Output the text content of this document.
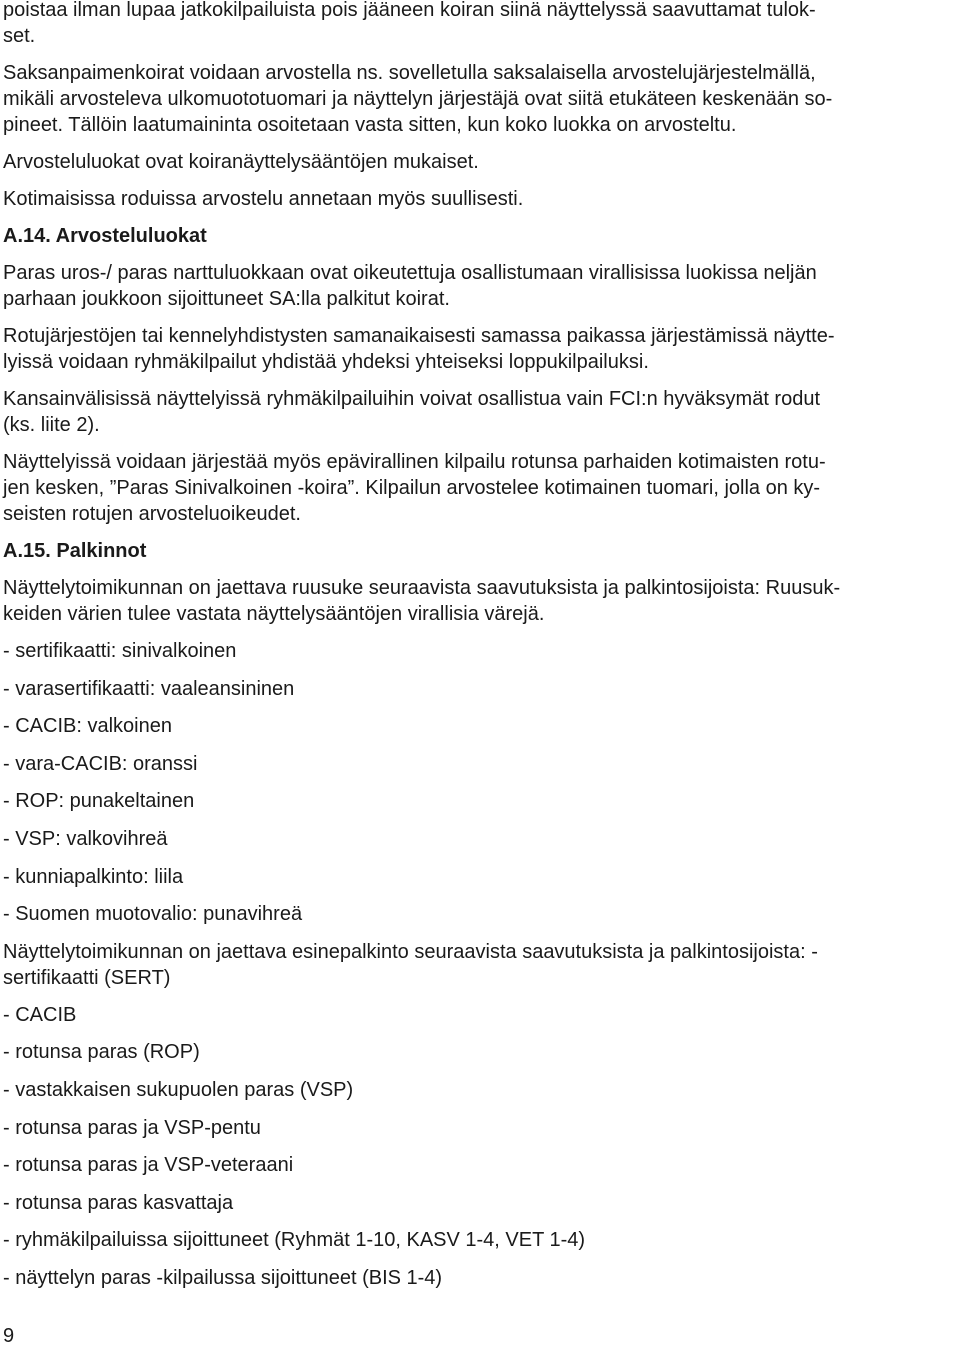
poistaa ilman lupaa jatkokilpailuista pois jääneen koiran siinä näyttelyssä saavuttamat tulok-
set.

Saksanpaimenkoirat voidaan arvostella ns. sovelletulla saksalaisella arvostelujärjestelmällä,
mikäli arvosteleva ulkomuototuomari ja näyttelyn järjestäjä ovat siitä etukäteen keskenään so-
pineet. Tällöin laatumaininta osoitetaan vasta sitten, kun koko luokka on arvosteltu.

Arvosteluluokat ovat koiranäyttelysääntöjen mukaiset.

Kotimaisissa roduissa arvostelu annetaan myös suullisesti.

A.14. Arvosteluluokat

Paras uros-/ paras narttuluokkaan ovat oikeutettuja osallistumaan virallisissa luokissa neljän
parhaan joukkoon sijoittuneet SA:lla palkitut koirat.

Rotujärjestöjen tai kennelyhdistysten samanaikaisesti samassa paikassa järjestämissä näytte-
lyissä voidaan ryhmäkilpailut yhdistää yhdeksi yhteiseksi loppukilpailuksi.

Kansainvälisissä näyttelyissä ryhmäkilpailuihin voivat osallistua vain FCI:n hyväksymät rodut
(ks. liite 2).

Näyttelyissä voidaan järjestää myös epävirallinen kilpailu rotunsa parhaiden kotimaisten rotu-
jen kesken, ”Paras Sinivalkoinen -koira”. Kilpailun arvostelee kotimainen tuomari, jolla on ky-
seisten rotujen arvosteluoikeudet.

A.15. Palkinnot

Näyttelytoimikunnan on jaettava ruusuke seuraavista saavutuksista ja palkintosijoista: Ruusuk-
keiden värien tulee vastata näyttelysääntöjen virallisia värejä.

- sertifikaatti: sinivalkoinen

- varasertifikaatti: vaaleansininen

- CACIB: valkoinen

- vara-CACIB: oranssi

- ROP: punakeltainen

- VSP: valkovihreä

- kunniapalkinto: liila

- Suomen muotovalio: punavihreä

Näyttelytoimikunnan on jaettava esinepalkinto seuraavista saavutuksista ja palkintosijoista: -
sertifikaatti (SERT)

- CACIB

- rotunsa paras (ROP)

- vastakkaisen sukupuolen paras (VSP)

- rotunsa paras ja VSP-pentu

- rotunsa paras ja VSP-veteraani

- rotunsa paras kasvattaja

- ryhmäkilpailuissa sijoittuneet (Ryhmät 1-10, KASV 1-4, VET 1-4)

- näyttelyn paras -kilpailussa sijoittuneet (BIS 1-4)

9
